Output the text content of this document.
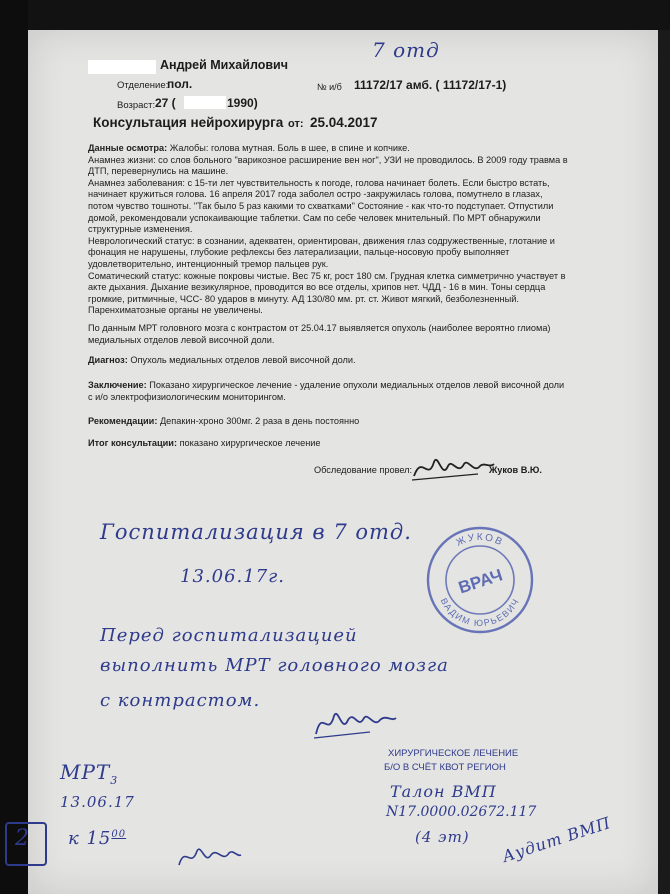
Андрей Михайлович
7 отд
Отделение:
пол.	№ и/б 11172/17 амб. ( 11172/17-1)
Возраст: 27 (	1990)
Консультация нейрохирурга от: 25.04.2017

Данные осмотра: Жалобы: голова мутная. Боль в шее, в спине и копчике.

Анамнез жизни: со слов больного "варикозное расширение вен ног", УЗИ не проводилось. В 2009 году травма в ДТП, перевернулись на машине.

Анамнез заболевания: с 15-ти лет чувствительность к погоде, голова начинает болеть. Если быстро встать, начинает кружиться голова. 16 апреля 2017 года заболел остро -закружилась голова, помутнело в глазах, потом чувство тошноты. "Так было 5 раз какими то схватками" Состояние - как что-то подступает. Отпустили домой, рекомендовали успокаивающие таблетки. Сам по себе человек мнительный. По МРТ обнаружили структурные изменения.

Неврологический статус: в сознании, адекватен, ориентирован, движения глаз содружественные, глотание и фонация не нарушены, глубокие рефлексы без латерализации, пальце-носовую пробу выполняет удовлетворительно, интенционный тремор пальцев рук.

Соматический статус: кожные покровы чистые. Вес 75 кг, рост 180 см. Грудная клетка симметрично участвует в акте дыхания. Дыхание везикулярное, проводится во все отделы, хрипов нет. ЧДД - 16 в мин. Тоны сердца громкие, ритмичные, ЧСС- 80 ударов в минуту. АД 130/80 мм. рт. ст. Живот мягкий, безболезненный. Паренхиматозные органы не увеличены.

По данным МРТ головного мозга с контрастом от 25.04.17 выявляется опухоль (наиболее вероятно глиома) медиальных отделов левой височной доли.
Диагноз: Опухоль медиальных отделов левой височной доли.
Заключение: Показано хирургическое лечение - удаление опухоли медиальных отделов левой височной доли с и/о электрофизиологическим мониторингом.
Рекомендации: Депакин-хроно 300мг. 2 раза в день постоянно
Итог консультации: показано хирургическое лечение
Обследование провел:	Жуков В.Ю.
Госпитализация в 7 отд.
13.06.17г.
ЖУКОВ
ВАДИМ ЮРЬЕВИЧ
ВРАЧ
Перед госпитализацией
выполнить МРТ головного мозга
с контрастом.
ХИРУРГИЧЕСКОЕ ЛЕЧЕНИЕ
Б/О В СЧЁТ КВОТ РЕГИОН
$МРТ_3$
13.06.17
2 к $15^{00}$
Талон ВМП
N17.0000.02672.117
(4 эт) Аудит ВМП
